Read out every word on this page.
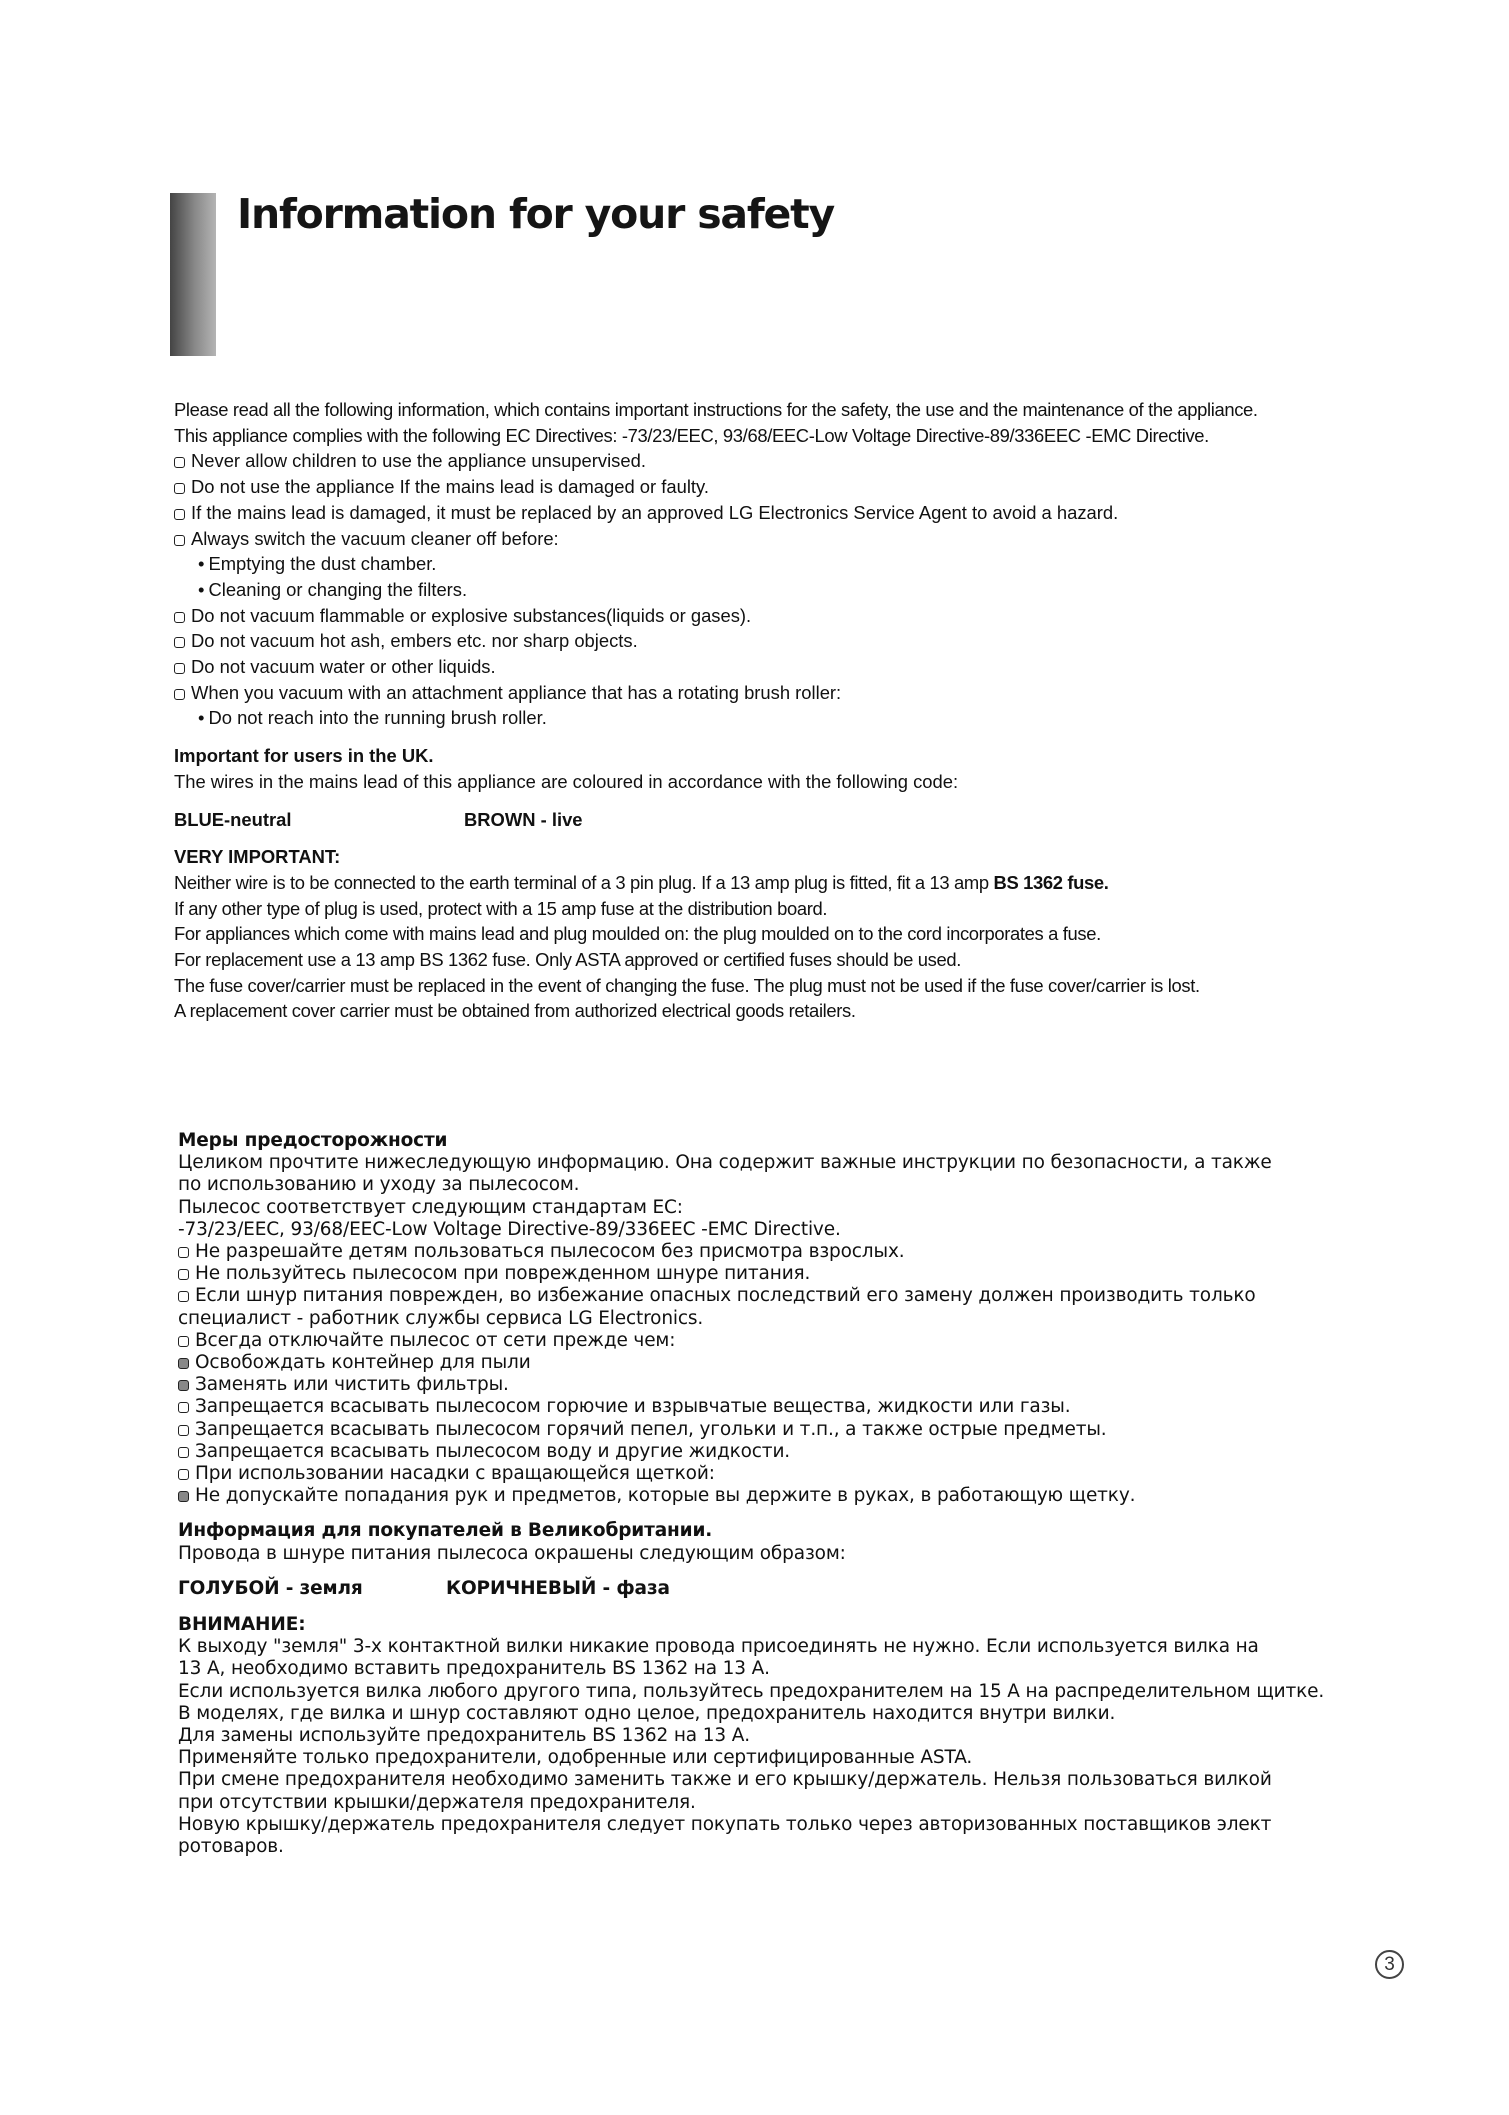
Information for your safety
Please read all the following information, which contains important instructions for the safety, the use and the maintenance of the appliance.
This appliance complies with the following EC Directives: -73/23/EEC, 93/68/EEC-Low Voltage Directive-89/336EEC -EMC Directive.
Never allow children to use the appliance unsupervised.
Do not use the appliance If the mains lead is damaged or faulty.
If the mains lead is damaged, it must be replaced by an approved LG Electronics Service Agent to avoid a hazard.
Always switch the vacuum cleaner off before:
• Emptying the dust chamber.
• Cleaning or changing the filters.
Do not vacuum flammable or explosive substances(liquids or gases).
Do not vacuum hot ash, embers etc. nor sharp objects.
Do not vacuum water or other liquids.
When you vacuum with an attachment appliance that has a rotating brush roller:
• Do not reach into the running brush roller.
Important for users in the UK.
The wires in the mains lead of this appliance are coloured in accordance with the following code:
BLUE-neutral	BROWN - live
VERY IMPORTANT:
Neither wire is to be connected to the earth terminal of a 3 pin plug. If a 13 amp plug is fitted, fit a 13 amp BS 1362 fuse.
If any other type of plug is used, protect with a 15 amp fuse at the distribution board.
For appliances which come with mains lead and plug moulded on: the plug moulded on to the cord incorporates a fuse.
For replacement use a 13 amp BS 1362 fuse. Only ASTA approved or certified fuses should be used.
The fuse cover/carrier must be replaced in the event of changing the fuse. The plug must not be used if the fuse cover/carrier is lost.
A replacement cover carrier must be obtained from authorized electrical goods retailers.
Меры предосторожности
Целиком прочтите нижеследующую информацию. Она содержит важные инструкции по безопасности, а также
по использованию и уходу за пылесосом.
Пылесос соответствует следующим стандартам ЕС:
-73/23/EEC, 93/68/EEC-Low Voltage Directive-89/336EEC -EMC Directive.
Не разрешайте детям пользоваться пылесосом без присмотра взрослых.
Не пользуйтесь пылесосом при поврежденном шнуре питания.
Если шнур питания поврежден, во избежание опасных последствий его замену должен производить только
специалист - работник службы сервиса LG Electronics.
Всегда отключайте пылесос от сети прежде чем:
Освобождать контейнер для пыли
Заменять или чистить фильтры.
Запрещается всасывать пылесосом горючие и взрывчатые вещества, жидкости или газы.
Запрещается всасывать пылесосом горячий пепел, угольки и т.п., а также острые предметы.
Запрещается всасывать пылесосом воду и другие жидкости.
При использовании насадки с вращающейся щеткой:
Не допускайте попадания рук и предметов, которые вы держите в руках, в работающую щетку.
Информация для покупателей в Великобритании.
Провода в шнуре питания пылесоса окрашены следующим образом:
ГОЛУБОЙ - земля	КОРИЧНЕВЫЙ - фаза
ВНИМАНИЕ:
К выходу "земля" 3-х контактной вилки никакие провода присоединять не нужно. Если используется вилка на
13 А, необходимо вставить предохранитель BS 1362 на 13 А.
Если используется вилка любого другого типа, пользуйтесь предохранителем на 15 А на распределительном щитке.
В моделях, где вилка и шнур составляют одно целое, предохранитель находится внутри вилки.
Для замены используйте предохранитель BS 1362 на 13 А.
Применяйте только предохранители, одобренные или сертифицированные ASTA.
При смене предохранителя необходимо заменить также и его крышку/держатель. Нельзя пользоваться вилкой
при отсутствии крышки/держателя предохранителя.
Новую крышку/держатель предохранителя следует покупать только через авторизованных поставщиков элект
ротоваров.
3
